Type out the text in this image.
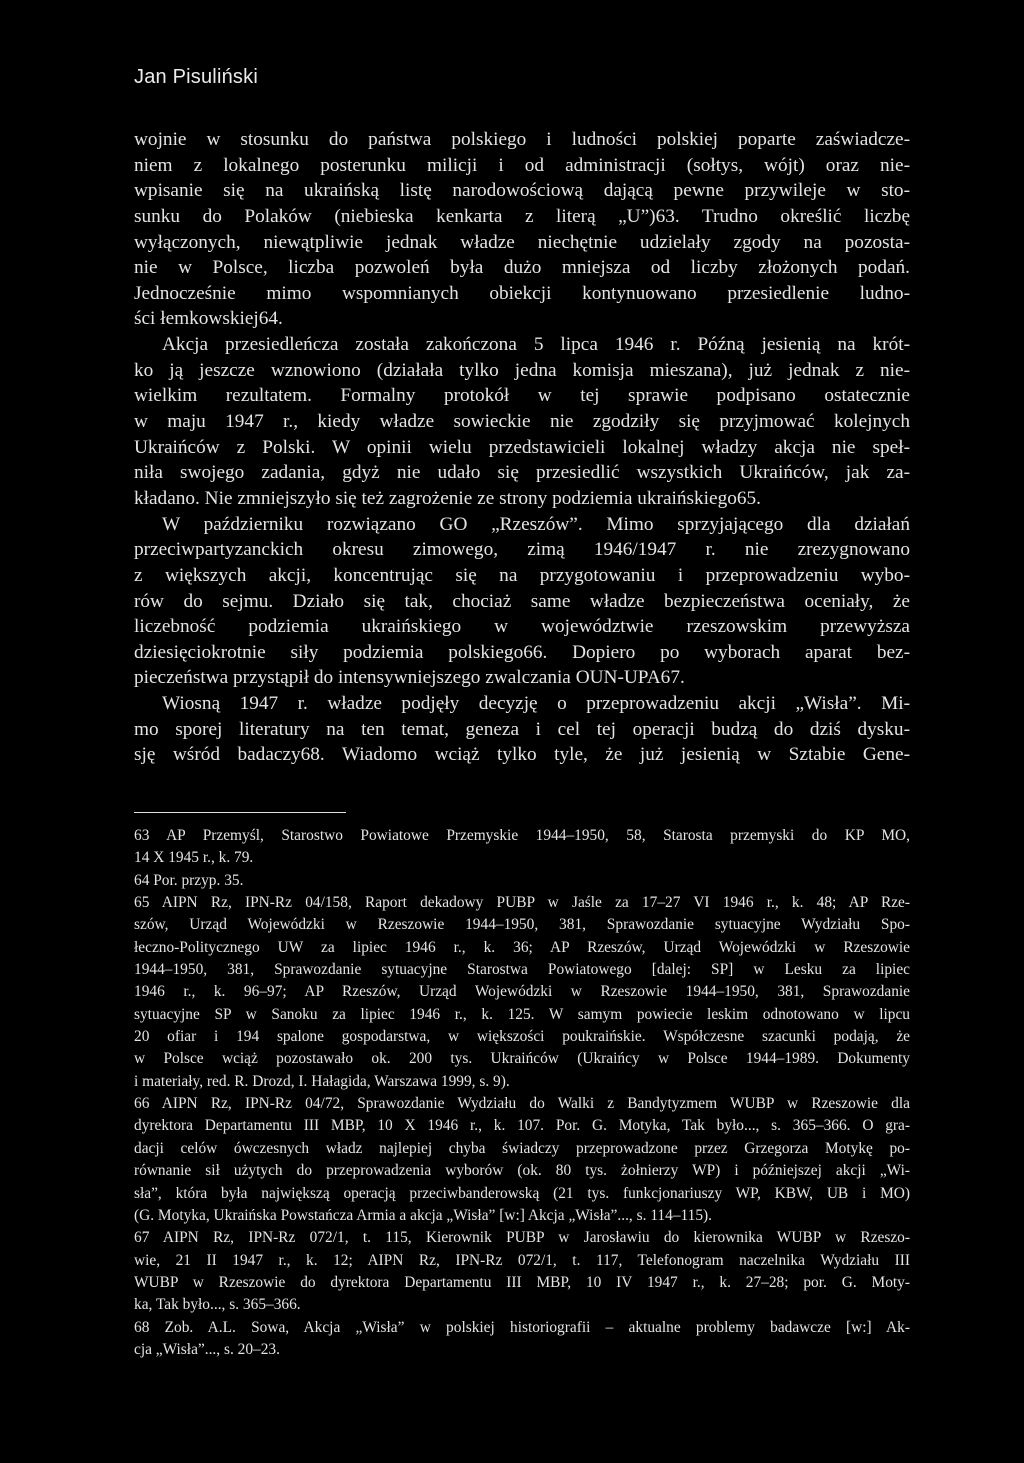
Jan Pisuliński
wojnie w stosunku do państwa polskiego i ludności polskiej poparte zaświadcze-
niem z lokalnego posterunku milicji i od administracji (sołtys, wójt) oraz nie-
wpisanie się na ukraińską listę narodowościową dającą pewne przywileje w sto-
sunku do Polaków (niebieska kenkarta z literą „U”)63. Trudno określić liczbę
wyłączonych, niewątpliwie jednak władze niechętnie udzielały zgody na pozosta-
nie w Polsce, liczba pozwoleń była dużo mniejsza od liczby złożonych podań.
Jednocześnie mimo wspomnianych obiekcji kontynuowano przesiedlenie ludno-
ści łemkowskiej64.
Akcja przesiedleńcza została zakończona 5 lipca 1946 r. Późną jesienią na krót-
ko ją jeszcze wznowiono (działała tylko jedna komisja mieszana), już jednak z nie-
wielkim rezultatem. Formalny protokół w tej sprawie podpisano ostatecznie
w maju 1947 r., kiedy władze sowieckie nie zgodziły się przyjmować kolejnych
Ukraińców z Polski. W opinii wielu przedstawicieli lokalnej władzy akcja nie speł-
niła swojego zadania, gdyż nie udało się przesiedlić wszystkich Ukraińców, jak za-
kładano. Nie zmniejszyło się też zagrożenie ze strony podziemia ukraińskiego65.
W październiku rozwiązano GO „Rzeszów”. Mimo sprzyjającego dla działań
przeciwpartyzanckich okresu zimowego, zimą 1946/1947 r. nie zrezygnowano
z większych akcji, koncentrując się na przygotowaniu i przeprowadzeniu wybo-
rów do sejmu. Działo się tak, chociaż same władze bezpieczeństwa oceniały, że
liczebność podziemia ukraińskiego w województwie rzeszowskim przewyższa
dziesięciokrotnie siły podziemia polskiego66. Dopiero po wyborach aparat bez-
pieczeństwa przystąpił do intensywniejszego zwalczania OUN-UPA67.
Wiosną 1947 r. władze podjęły decyzję o przeprowadzeniu akcji „Wisła”. Mi-
mo sporej literatury na ten temat, geneza i cel tej operacji budzą do dziś dysku-
sję wśród badaczy68. Wiadomo wciąż tylko tyle, że już jesienią w Sztabie Gene-
63 AP Przemyśl, Starostwo Powiatowe Przemyskie 1944–1950, 58, Starosta przemyski do KP MO,
14 X 1945 r., k. 79.
64 Por. przyp. 35.
65 AIPN Rz, IPN-Rz 04/158, Raport dekadowy PUBP w Jaśle za 17–27 VI 1946 r., k. 48; AP Rze-
szów, Urząd Wojewódzki w Rzeszowie 1944–1950, 381, Sprawozdanie sytuacyjne Wydziału Spo-
łeczno-Politycznego UW za lipiec 1946 r., k. 36; AP Rzeszów, Urząd Wojewódzki w Rzeszowie
1944–1950, 381, Sprawozdanie sytuacyjne Starostwa Powiatowego [dalej: SP] w Lesku za lipiec
1946 r., k. 96–97; AP Rzeszów, Urząd Wojewódzki w Rzeszowie 1944–1950, 381, Sprawozdanie
sytuacyjne SP w Sanoku za lipiec 1946 r., k. 125. W samym powiecie leskim odnotowano w lipcu
20 ofiar i 194 spalone gospodarstwa, w większości poukraińskie. Współczesne szacunki podają, że
w Polsce wciąż pozostawało ok. 200 tys. Ukraińców (Ukraińcy w Polsce 1944–1989. Dokumenty
i materiały, red. R. Drozd, I. Hałagida, Warszawa 1999, s. 9).
66 AIPN Rz, IPN-Rz 04/72, Sprawozdanie Wydziału do Walki z Bandytyzmem WUBP w Rzeszowie dla
dyrektora Departamentu III MBP, 10 X 1946 r., k. 107. Por. G. Motyka, Tak było..., s. 365–366. O gra-
dacji celów ówczesnych władz najlepiej chyba świadczy przeprowadzone przez Grzegorza Motykę po-
równanie sił użytych do przeprowadzenia wyborów (ok. 80 tys. żołnierzy WP) i późniejszej akcji „Wi-
sła”, która była największą operacją przeciwbanderowską (21 tys. funkcjonariuszy WP, KBW, UB i MO)
(G. Motyka, Ukraińska Powstańcza Armia a akcja „Wisła” [w:] Akcja „Wisła”..., s. 114–115).
67 AIPN Rz, IPN-Rz 072/1, t. 115, Kierownik PUBP w Jarosławiu do kierownika WUBP w Rzeszo-
wie, 21 II 1947 r., k. 12; AIPN Rz, IPN-Rz 072/1, t. 117, Telefonogram naczelnika Wydziału III
WUBP w Rzeszowie do dyrektora Departamentu III MBP, 10 IV 1947 r., k. 27–28; por. G. Moty-
ka, Tak było..., s. 365–366.
68 Zob. A.L. Sowa, Akcja „Wisła” w polskiej historiografii – aktualne problemy badawcze [w:] Ak-
cja „Wisła”..., s. 20–23.
